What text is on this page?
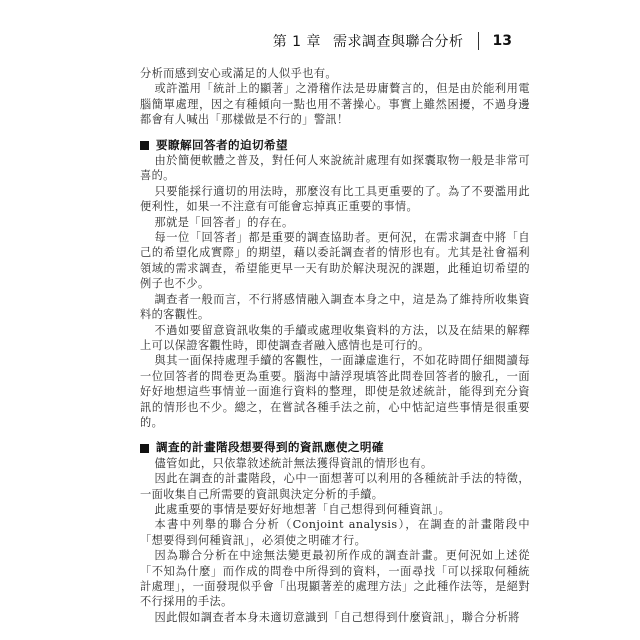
第 1 章 需求調查與聯合分析 13

分析而感到安心或滿足的人似乎也有。

或許濫用「統計上的顯著」之滑稽作法是毋庸贅言的，但是由於能利用電腦簡單處理，因之有種傾向一點也用不著操心。事實上雖然困擾，不過身邊都會有人喊出「那樣做是不行的」警訊！

要瞭解回答者的迫切希望

由於簡便軟體之普及，對任何人來說統計處理有如探囊取物一般是非常可喜的。

只要能採行適切的用法時，那麼沒有比工具更重要的了。為了不要濫用此便利性，如果一不注意有可能會忘掉真正重要的事情。

那就是「回答者」的存在。

每一位「回答者」都是重要的調查協助者。更何況，在需求調查中將「自己的希望化成實際」的期望，藉以委託調查者的情形也有。尤其是社會福利領域的需求調查，希望能更早一天有助於解決現況的課題，此種迫切希望的例子也不少。

調查者一般而言，不行將感情融入調查本身之中，這是為了維持所收集資料的客觀性。

不過如要留意資訊收集的手續或處理收集資料的方法，以及在結果的解釋上可以保證客觀性時，即使調查者融入感情也是可行的。

與其一面保持處理手續的客觀性，一面謙虛進行，不如花時間仔細閱讀每一位回答者的問卷更為重要。腦海中請浮現填答此問卷回答者的臉孔，一面好好地想這些事情並一面進行資料的整理，即使是敘述統計，能得到充分資訊的情形也不少。總之，在嘗試各種手法之前，心中惦記這些事情是很重要的。

調查的計畫階段想要得到的資訊應使之明確

儘管如此，只依靠敘述統計無法獲得資訊的情形也有。

因此在調查的計畫階段，心中一面想著可以利用的各種統計手法的特徵，一面收集自己所需要的資訊與決定分析的手續。

此處重要的事情是要好好地想著「自己想得到何種資訊」。

本書中列舉的聯合分析（Conjoint analysis），在調查的計畫階段中「想要得到何種資訊」，必須使之明確才行。

因為聯合分析在中途無法變更最初所作成的調查計畫。更何況如上述從「不知為什麼」而作成的問卷中所得到的資料，一面尋找「可以採取何種統計處理」，一面發現似乎會「出現顯著差的處理方法」之此種作法等，是絕對不行採用的手法。

因此假如調查者本身未適切意識到「自己想得到什麼資訊」，聯合分析將
